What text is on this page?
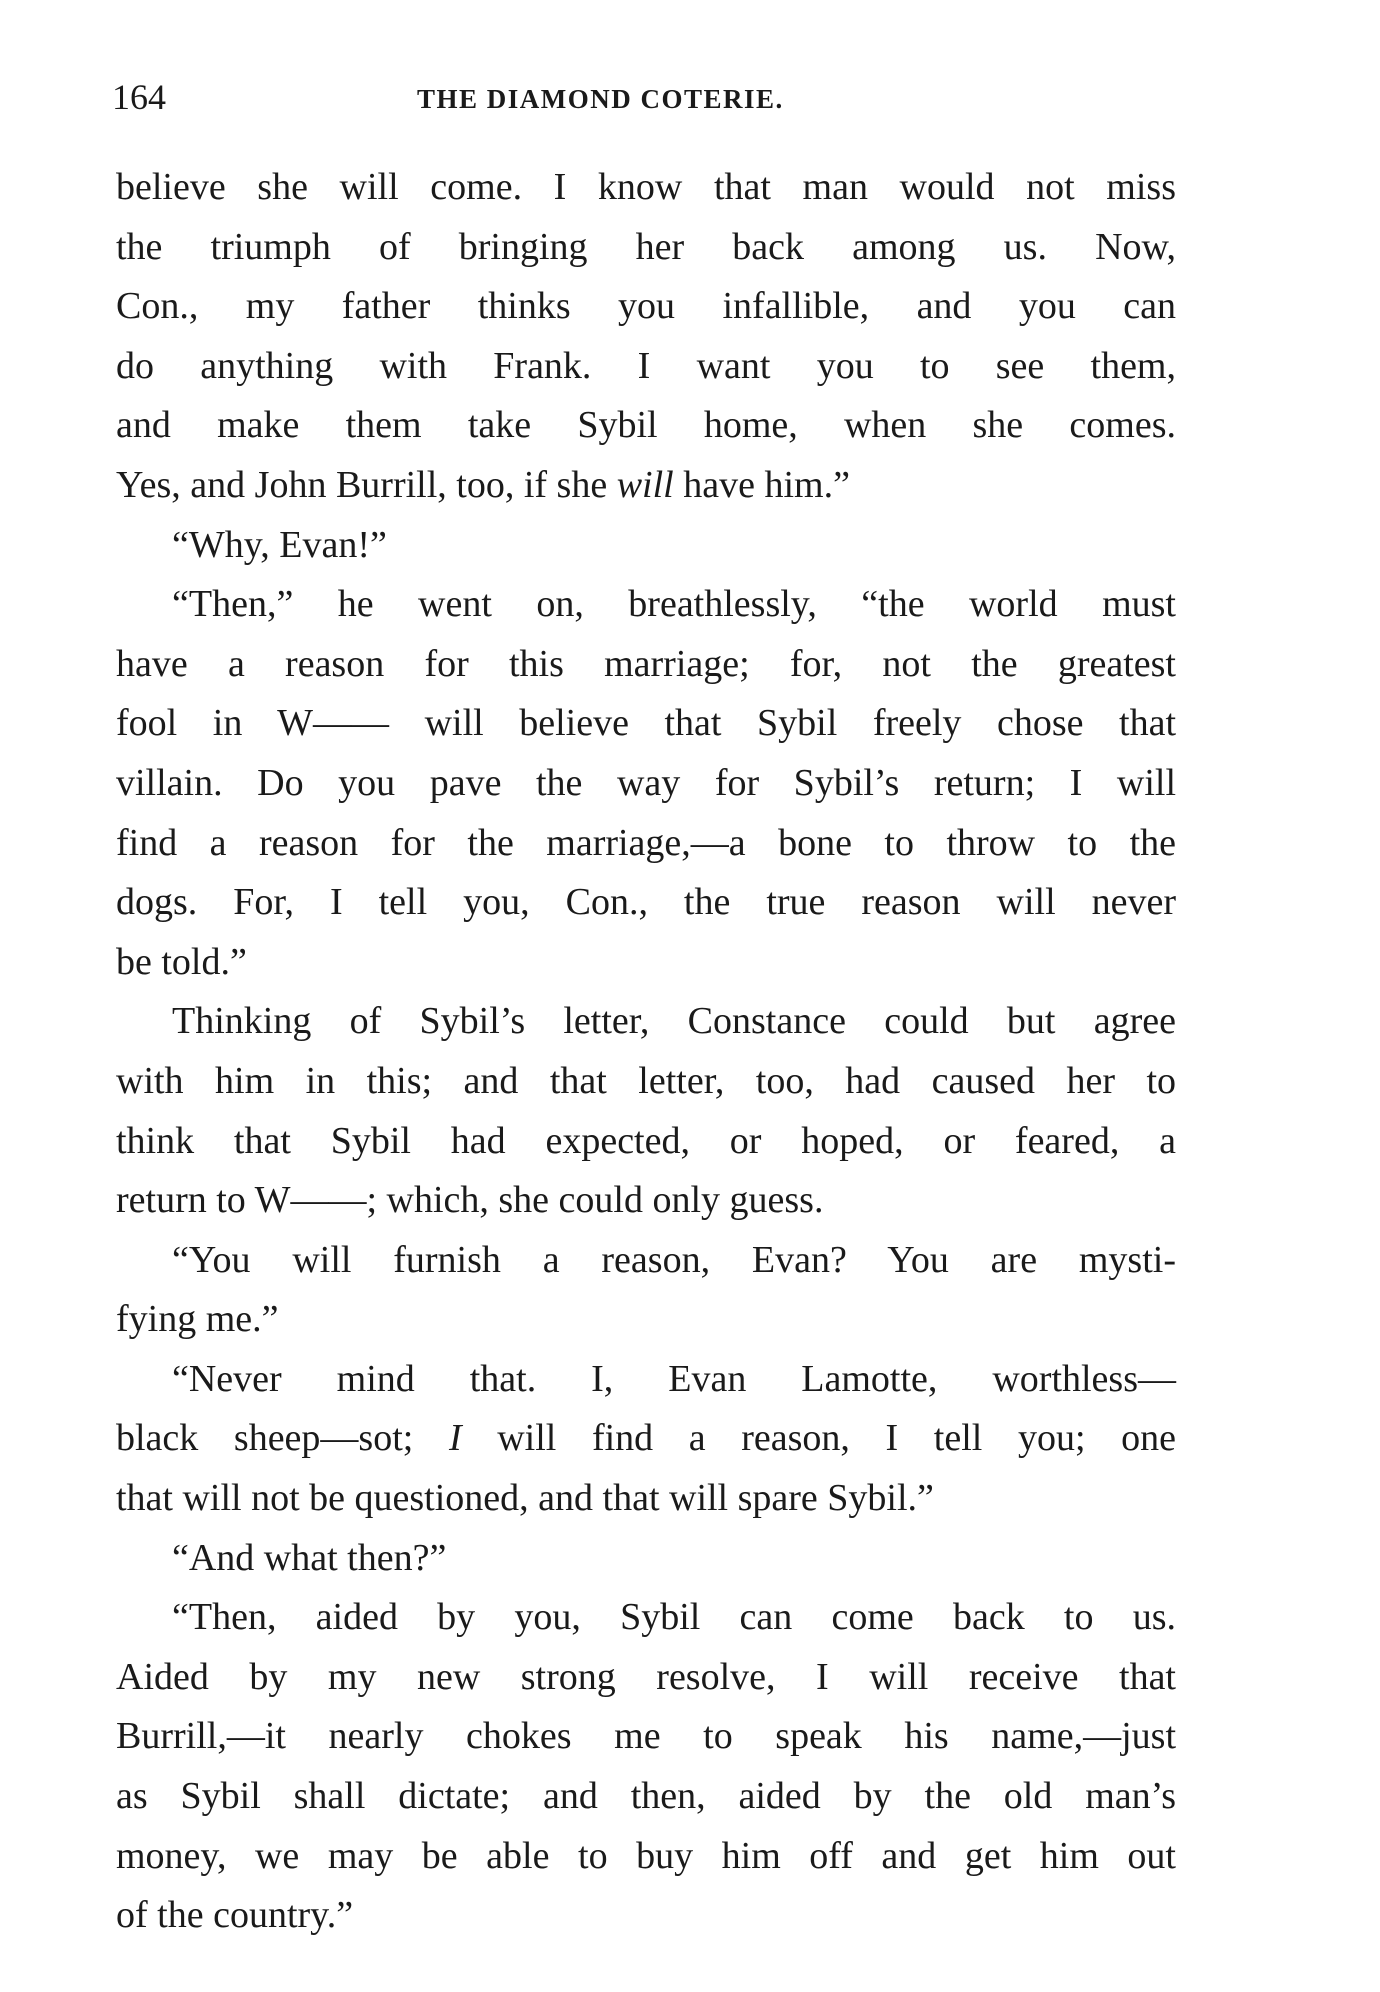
164	THE DIAMOND COTERIE.
believe she will come. I know that man would not miss
the triumph of bringing her back among us. Now,
Con., my father thinks you infallible, and you can
do anything with Frank. I want you to see them,
and make them take Sybil home, when she comes.
Yes, and John Burrill, too, if she will have him.”
“Why, Evan!”
“Then,” he went on, breathlessly, “the world must
have a reason for this marriage; for, not the greatest
fool in W—— will believe that Sybil freely chose that
villain. Do you pave the way for Sybil’s return; I will
find a reason for the marriage,—a bone to throw to the
dogs. For, I tell you, Con., the true reason will never
be told.”
Thinking of Sybil’s letter, Constance could but agree
with him in this; and that letter, too, had caused her to
think that Sybil had expected, or hoped, or feared, a
return to W——; which, she could only guess.
“You will furnish a reason, Evan? You are mysti-
fying me.”
“Never mind that. I, Evan Lamotte, worthless—
black sheep—sot; I will find a reason, I tell you; one
that will not be questioned, and that will spare Sybil.”
“And what then?”
“Then, aided by you, Sybil can come back to us.
Aided by my new strong resolve, I will receive that
Burrill,—it nearly chokes me to speak his name,—just
as Sybil shall dictate; and then, aided by the old man’s
money, we may be able to buy him off and get him out
of the country.”
